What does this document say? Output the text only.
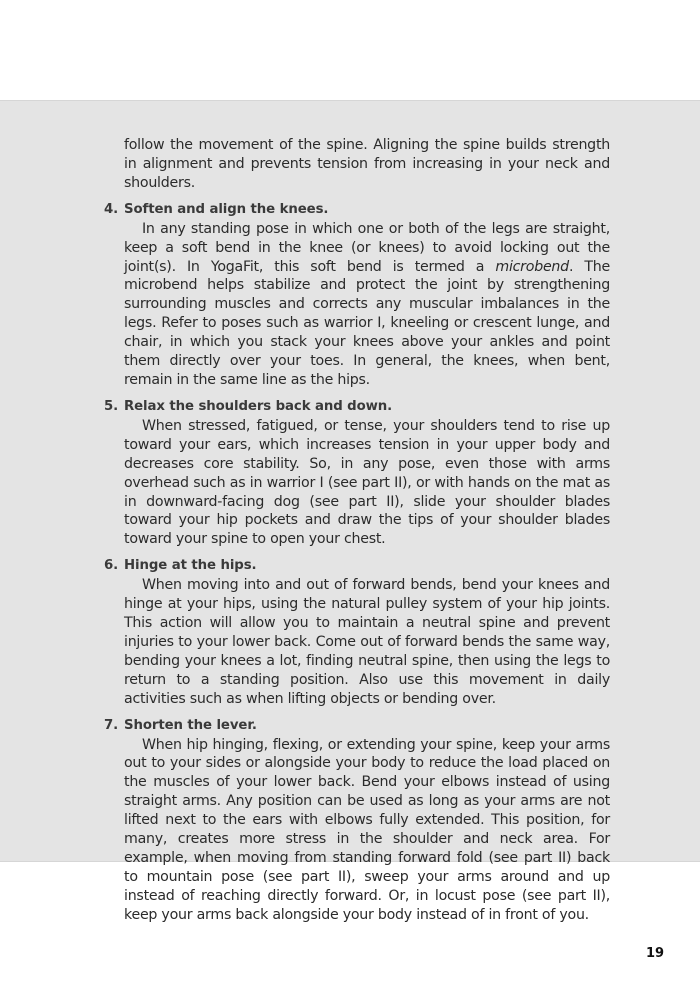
follow the movement of the spine. Aligning the spine builds strength in alignment and prevents tension from increasing in your neck and shoulders.

4. Soften and align the knees.

In any standing pose in which one or both of the legs are straight, keep a soft bend in the knee (or knees) to avoid locking out the joint(s). In YogaFit, this soft bend is termed a microbend. The microbend helps stabilize and protect the joint by strengthening surrounding muscles and corrects any muscular imbalances in the legs. Refer to poses such as warrior I, kneeling or crescent lunge, and chair, in which you stack your knees above your ankles and point them directly over your toes. In general, the knees, when bent, remain in the same line as the hips.

5. Relax the shoulders back and down.

When stressed, fatigued, or tense, your shoulders tend to rise up toward your ears, which increases tension in your upper body and decreases core stability. So, in any pose, even those with arms overhead such as in warrior I (see part II), or with hands on the mat as in downward-facing dog (see part II), slide your shoulder blades toward your hip pockets and draw the tips of your shoulder blades toward your spine to open your chest.

6. Hinge at the hips.

When moving into and out of forward bends, bend your knees and hinge at your hips, using the natural pulley system of your hip joints. This action will allow you to maintain a neutral spine and prevent injuries to your lower back. Come out of forward bends the same way, bending your knees a lot, finding neutral spine, then using the legs to return to a standing position. Also use this movement in daily activities such as when lifting objects or bending over.

7. Shorten the lever.

When hip hinging, flexing, or extending your spine, keep your arms out to your sides or alongside your body to reduce the load placed on the muscles of your lower back. Bend your elbows instead of using straight arms. Any position can be used as long as your arms are not lifted next to the ears with elbows fully extended. This position, for many, creates more stress in the shoulder and neck area. For example, when moving from standing forward fold (see part II) back to mountain pose (see part II), sweep your arms around and up instead of reaching directly forward. Or, in locust pose (see part II), keep your arms back alongside your body instead of in front of you.

19
